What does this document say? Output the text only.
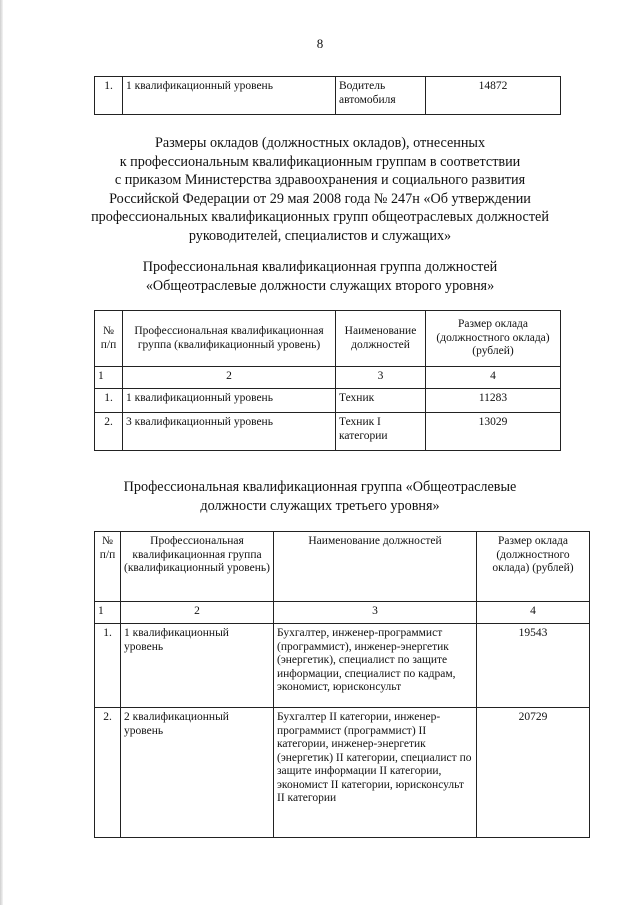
8
1.	1 квалификационный уровень	Водитель автомобиля	14872
Размеры окладов (должностных окладов), отнесенных
к профессиональным квалификационным группам в соответствии
с приказом Министерства здравоохранения и социального развития
Российской Федерации от 29 мая 2008 года № 247н «Об утверждении
профессиональных квалификационных групп общеотраслевых должностей
руководителей, специалистов и служащих»
Профессиональная квалификационная группа должностей
«Общеотраслевые должности служащих второго уровня»
№ п/п	Профессиональная квалификационная группа (квалификационный уровень)	Наименование должностей	Размер оклада (должностного оклада) (рублей)
1	2	3	4
1.	1 квалификационный уровень	Техник	11283
2.	3 квалификационный уровень	Техник I категории	13029
Профессиональная квалификационная группа «Общеотраслевые
должности служащих третьего уровня»
№ п/п	Профессиональная квалификационная группа (квалификационный уровень)	Наименование должностей	Размер оклада (должностного оклада) (рублей)
1	2	3	4
1.	1 квалификационный уровень	Бухгалтер, инженер-программист (программист), инженер-энергетик (энергетик), специалист по защите информации, специалист по кадрам, экономист, юрисконсульт	19543
2.	2 квалификационный уровень	Бухгалтер II категории, инженер-программист (программист) II категории, инженер-энергетик (энергетик) II категории, специалист по защите информации II категории, экономист II категории, юрисконсульт II категории	20729
